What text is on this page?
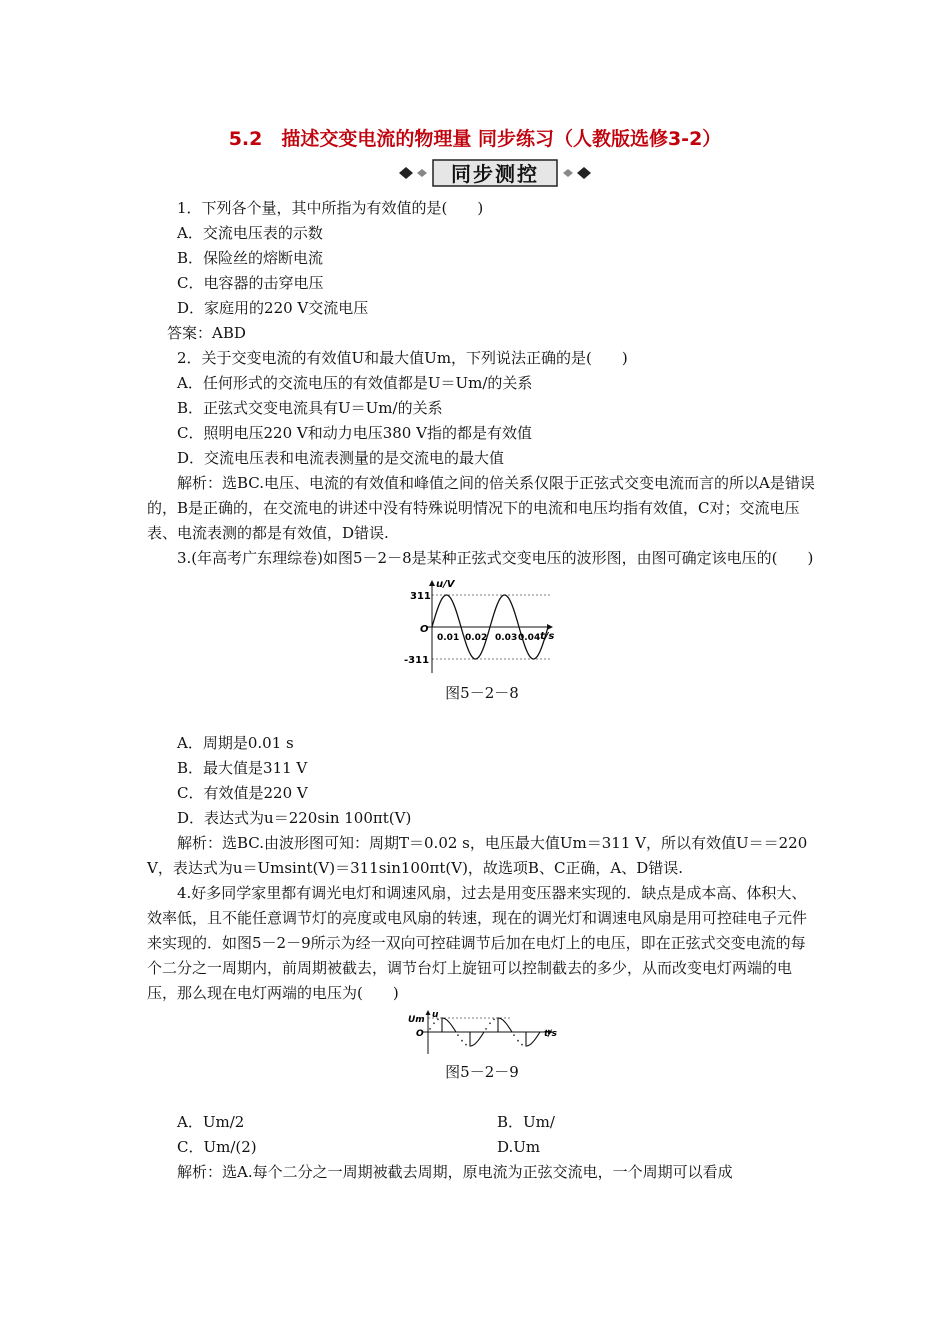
5.2　描述交变电流的物理量 同步练习（人教版选修3-2）
同步测控

1．下列各个量，其中所指为有效值的是(　　)

A．交流电压表的示数

B．保险丝的熔断电流

C．电容器的击穿电压

D．家庭用的220 V交流电压

答案：ABD

2．关于交变电流的有效值U和最大值Um，下列说法正确的是(　　)

A．任何形式的交流电压的有效值都是U＝Um/的关系

B．正弦式交变电流具有U＝Um/的关系

C．照明电压220 V和动力电压380 V指的都是有效值

D．交流电压表和电流表测量的是交流电的最大值

解析：选BC.电压、电流的有效值和峰值之间的倍关系仅限于正弦式交变电流而言的所以A是错误的，B是正确的，在交流电的讲述中没有特殊说明情况下的电流和电压均指有效值，C对；交流电压表、电流表测的都是有效值，D错误.

3.(年高考广东理综卷)如图5－2－8是某种正弦式交变电压的波形图，由图可确定该电压的(　　)

u/V
t/s
O
311
-311
0.01 0.02 0.03 0.04

图5－2－8

A．周期是0.01 s

B．最大值是311 V

C．有效值是220 V

D．表达式为u＝220sin 100πt(V)

解析：选BC.由波形图可知：周期T＝0.02 s，电压最大值Um＝311 V，所以有效值U＝＝220 V，表达式为u＝Umsint(V)＝311sin100πt(V)，故选项B、C正确，A、D错误.

4.好多同学家里都有调光电灯和调速风扇，过去是用变压器来实现的．缺点是成本高、体积大、效率低，且不能任意调节灯的亮度或电风扇的转速，现在的调光灯和调速电风扇是用可控硅电子元件来实现的．如图5－2－9所示为经一双向可控硅调节后加在电灯上的电压，即在正弦式交变电流的每个二分之一周期内，前周期被截去，调节台灯上旋钮可以控制截去的多少，从而改变电灯两端的电压，那么现在电灯两端的电压为(　　)

u
Um
O	t/s

图5－2－9

A．Um/2	B．Um/
C．Um/(2)	D.Um

解析：选A.每个二分之一周期被截去周期，原电流为正弦交流电，一个周期可以看成
